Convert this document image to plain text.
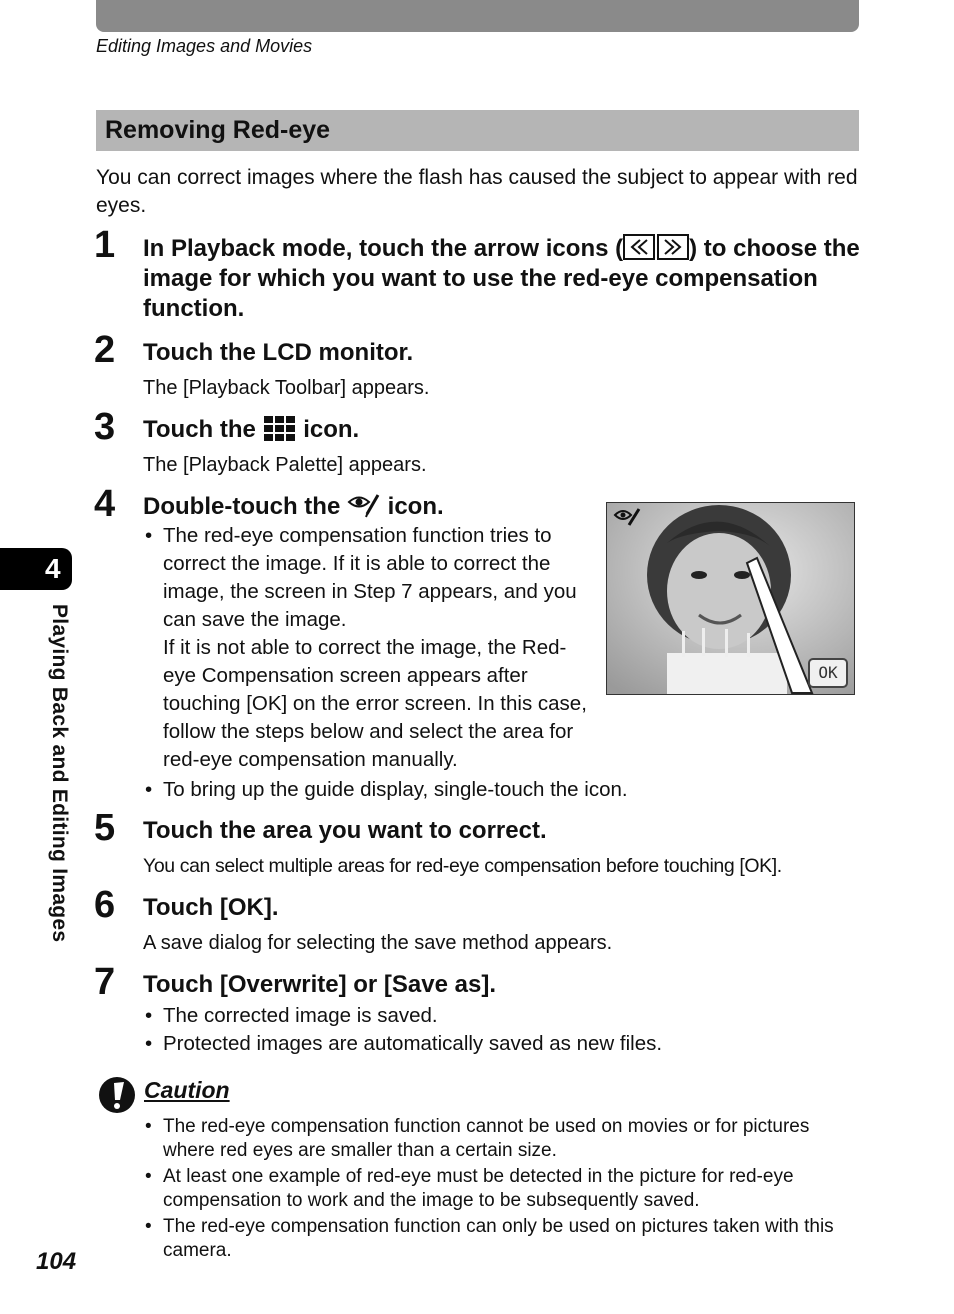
Editing Images and Movies
Removing Red-eye
You can correct images where the flash has caused the subject to appear with red eyes.
1 In Playback mode, touch the arrow icons (	) to choose the image for which you want to use the red-eye compensation function.
2 Touch the LCD monitor.
The [Playback Toolbar] appears.
3 Touch the  icon.
The [Playback Palette] appears.
4 Double-touch the  icon.
• The red-eye compensation function tries to correct the image. If it is able to correct the image, the screen in Step 7 appears, and you can save the image.
If it is not able to correct the image, the Red-eye Compensation screen appears after touching [OK] on the error screen. In this case, follow the steps below and select the area for red-eye compensation manually.
• To bring up the guide display, single-touch the icon.
OK
5 Touch the area you want to correct.
You can select multiple areas for red-eye compensation before touching [OK].
6 Touch [OK].
A save dialog for selecting the save method appears.
7 Touch [Overwrite] or [Save as].
• The corrected image is saved.
• Protected images are automatically saved as new files.
4
Playing Back and Editing Images
Caution
• The red-eye compensation function cannot be used on movies or for pictures where red eyes are smaller than a certain size.
• At least one example of red-eye must be detected in the picture for red-eye compensation to work and the image to be subsequently saved.
• The red-eye compensation function can only be used on pictures taken with this camera.
104
